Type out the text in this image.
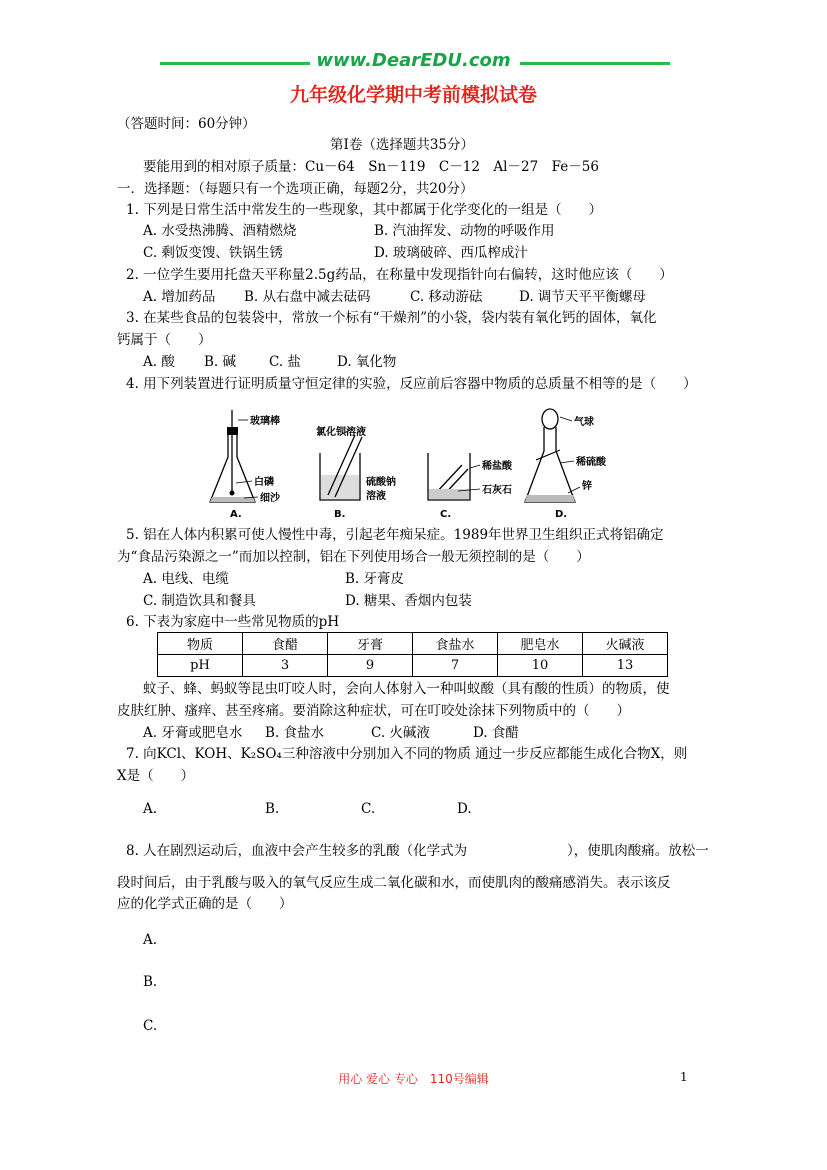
www.DearEDU.com
九年级化学期中考前模拟试卷
（答题时间：60分钟）
第Ⅰ卷（选择题共35分）
要能用到的相对原子质量：Cu－64　Sn－119　C－12　Al－27　Fe－56
一．选择题：（每题只有一个选项正确，每题2分，共20分）
1. 下列是日常生活中常发生的一些现象，其中都属于化学变化的一组是（　　）
A. 水受热沸腾、酒精燃烧	B. 汽油挥发、动物的呼吸作用
C. 剩饭变馊、铁锅生锈	D. 玻璃破碎、西瓜榨成汁
2. 一位学生要用托盘天平称量2.5g药品，在称量中发现指针向右偏转，这时他应该（　　）
A. 增加药品 B. 从右盘中减去砝码	C. 移动游砝	D. 调节天平平衡螺母
3. 在某些食品的包装袋中，常放一个标有“干燥剂”的小袋，袋内装有氧化钙的固体，氧化
钙属于（　　）
A. 酸 B. 碱 C. 盐	D. 氧化物
4. 用下列装置进行证明质量守恒定律的实验，反应前后容器中物质的总质量不相等的是（　　）
玻璃棒
白磷
细沙
A.
氯化钡溶液
硫酸钠
溶液
B.
稀盐酸
石灰石
C.
气球
稀硫酸
锌
D.
5. 铝在人体内积累可使人慢性中毒，引起老年痴呆症。1989年世界卫生组织正式将铝确定
为“食品污染源之一”而加以控制，铝在下列使用场合一般无须控制的是（　　）
A. 电线、电缆	B. 牙膏皮
C. 制造饮具和餐具	D. 糖果、香烟内包装
6. 下表为家庭中一些常见物质的pH
物质	食醋	牙膏	食盐水	肥皂水	火碱液
pH	3	9	7	10	13
蚊子、蜂、蚂蚁等昆虫叮咬人时，会向人体射入一种叫蚁酸（具有酸的性质）的物质，使
皮肤红肿、瘙痒、甚至疼痛。要消除这种症状，可在叮咬处涂抹下列物质中的（　　）
A. 牙膏或肥皂水 B. 食盐水	C. 火碱液	D. 食醋
7. 向KCl、KOH、K₂SO₄三种溶液中分别加入不同的物质 通过一步反应都能生成化合物X，则
X是（　　）
A.	B.	C.	D.
8. 人在剧烈运动后，血液中会产生较多的乳酸（化学式为	），使肌肉酸痛。放松一
段时间后，由于乳酸与吸入的氧气反应生成二氧化碳和水，而使肌肉的酸痛感消失。表示该反
应的化学式正确的是（　　）
A.
B.
C.
用心 爱心 专心　110号编辑	1
